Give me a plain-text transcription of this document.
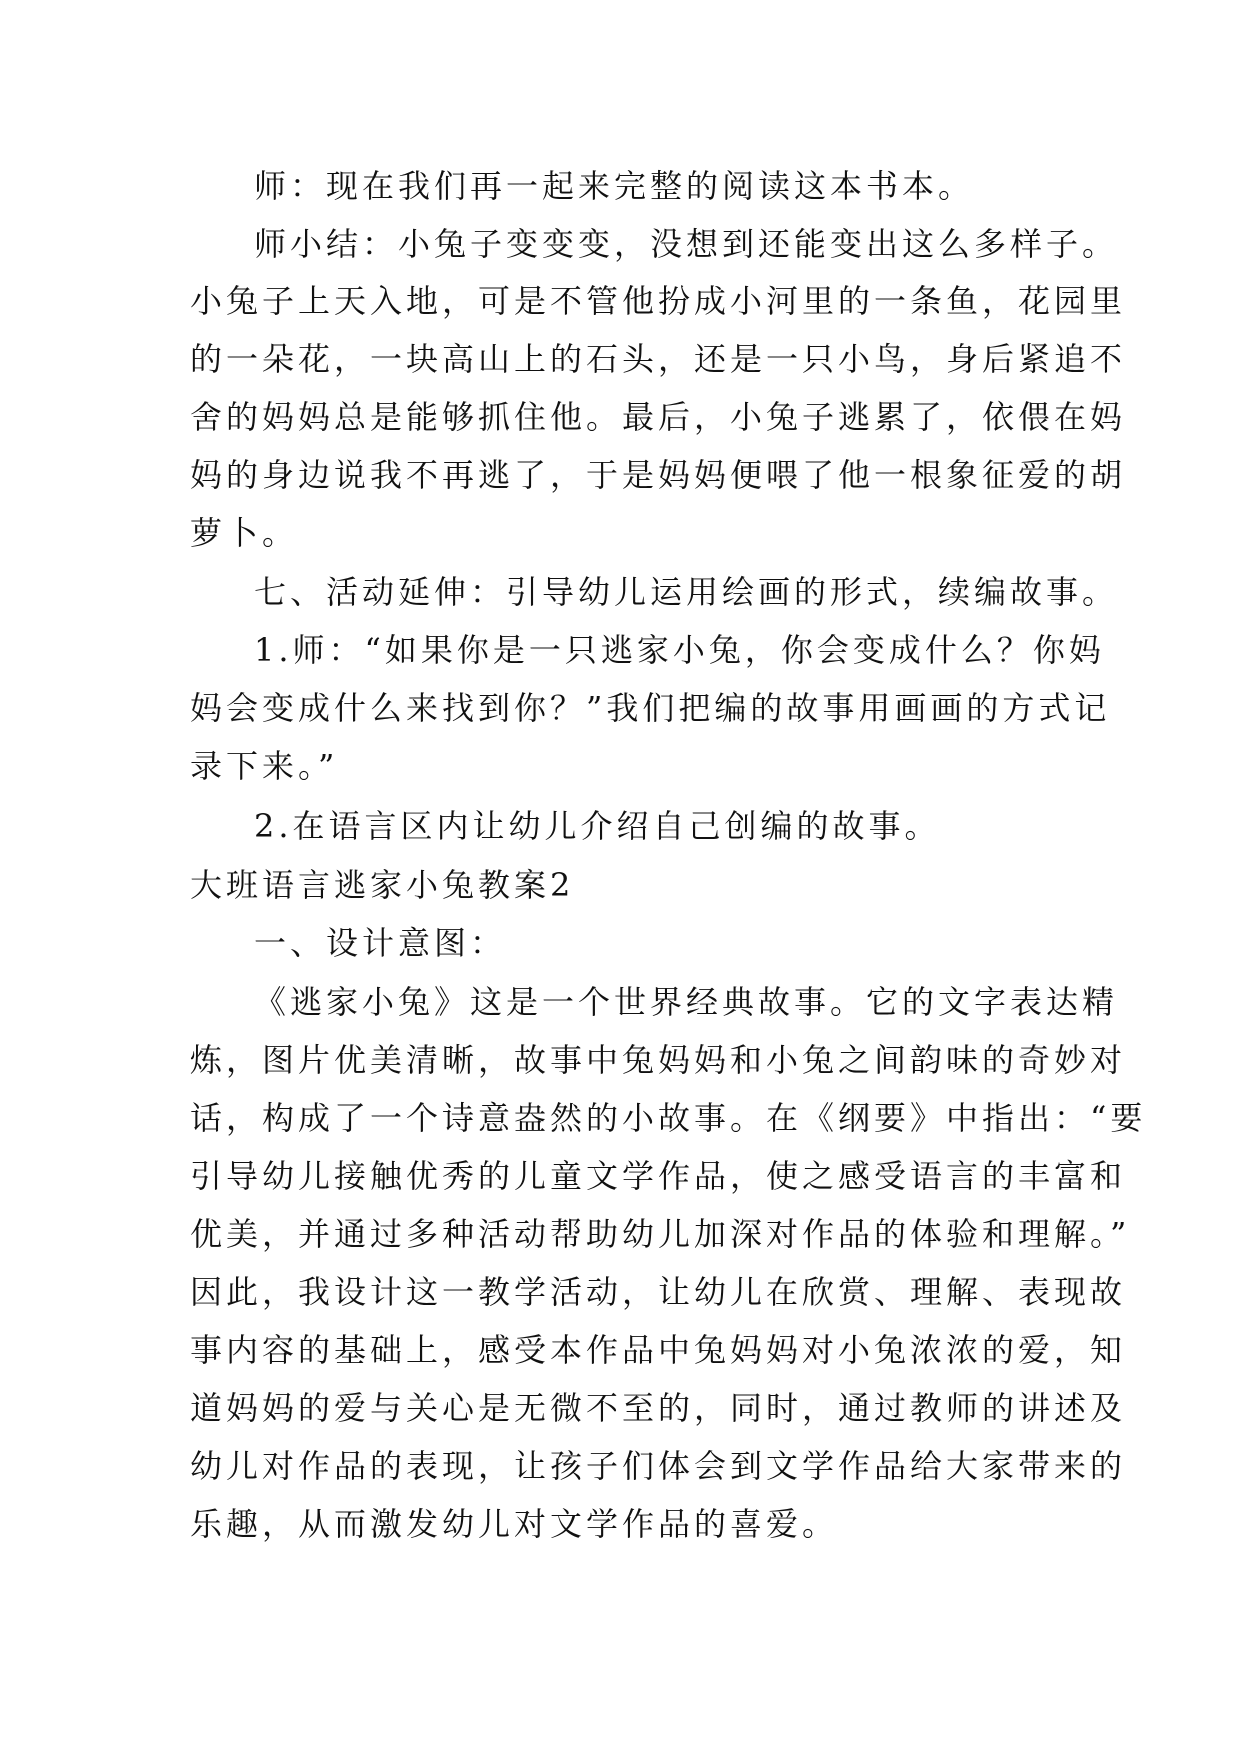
师：现在我们再一起来完整的阅读这本书本。
师小结：小兔子变变变，没想到还能变出这么多样子。
小兔子上天入地，可是不管他扮成小河里的一条鱼，花园里
的一朵花，一块高山上的石头，还是一只小鸟，身后紧追不
舍的妈妈总是能够抓住他。最后，小兔子逃累了，依偎在妈
妈的身边说我不再逃了，于是妈妈便喂了他一根象征爱的胡
萝卜。
七、活动延伸：引导幼儿运用绘画的形式，续编故事。
1.师：“如果你是一只逃家小兔，你会变成什么？你妈
妈会变成什么来找到你？”我们把编的故事用画画的方式记
录下来。”
2.在语言区内让幼儿介绍自己创编的故事。
大班语言逃家小兔教案2
一、设计意图：
《逃家小兔》这是一个世界经典故事。它的文字表达精
炼，图片优美清晰，故事中兔妈妈和小兔之间韵味的奇妙对
话，构成了一个诗意盎然的小故事。在《纲要》中指出：“要
引导幼儿接触优秀的儿童文学作品，使之感受语言的丰富和
优美，并通过多种活动帮助幼儿加深对作品的体验和理解。”
因此，我设计这一教学活动，让幼儿在欣赏、理解、表现故
事内容的基础上，感受本作品中兔妈妈对小兔浓浓的爱，知
道妈妈的爱与关心是无微不至的，同时，通过教师的讲述及
幼儿对作品的表现，让孩子们体会到文学作品给大家带来的
乐趣，从而激发幼儿对文学作品的喜爱。
